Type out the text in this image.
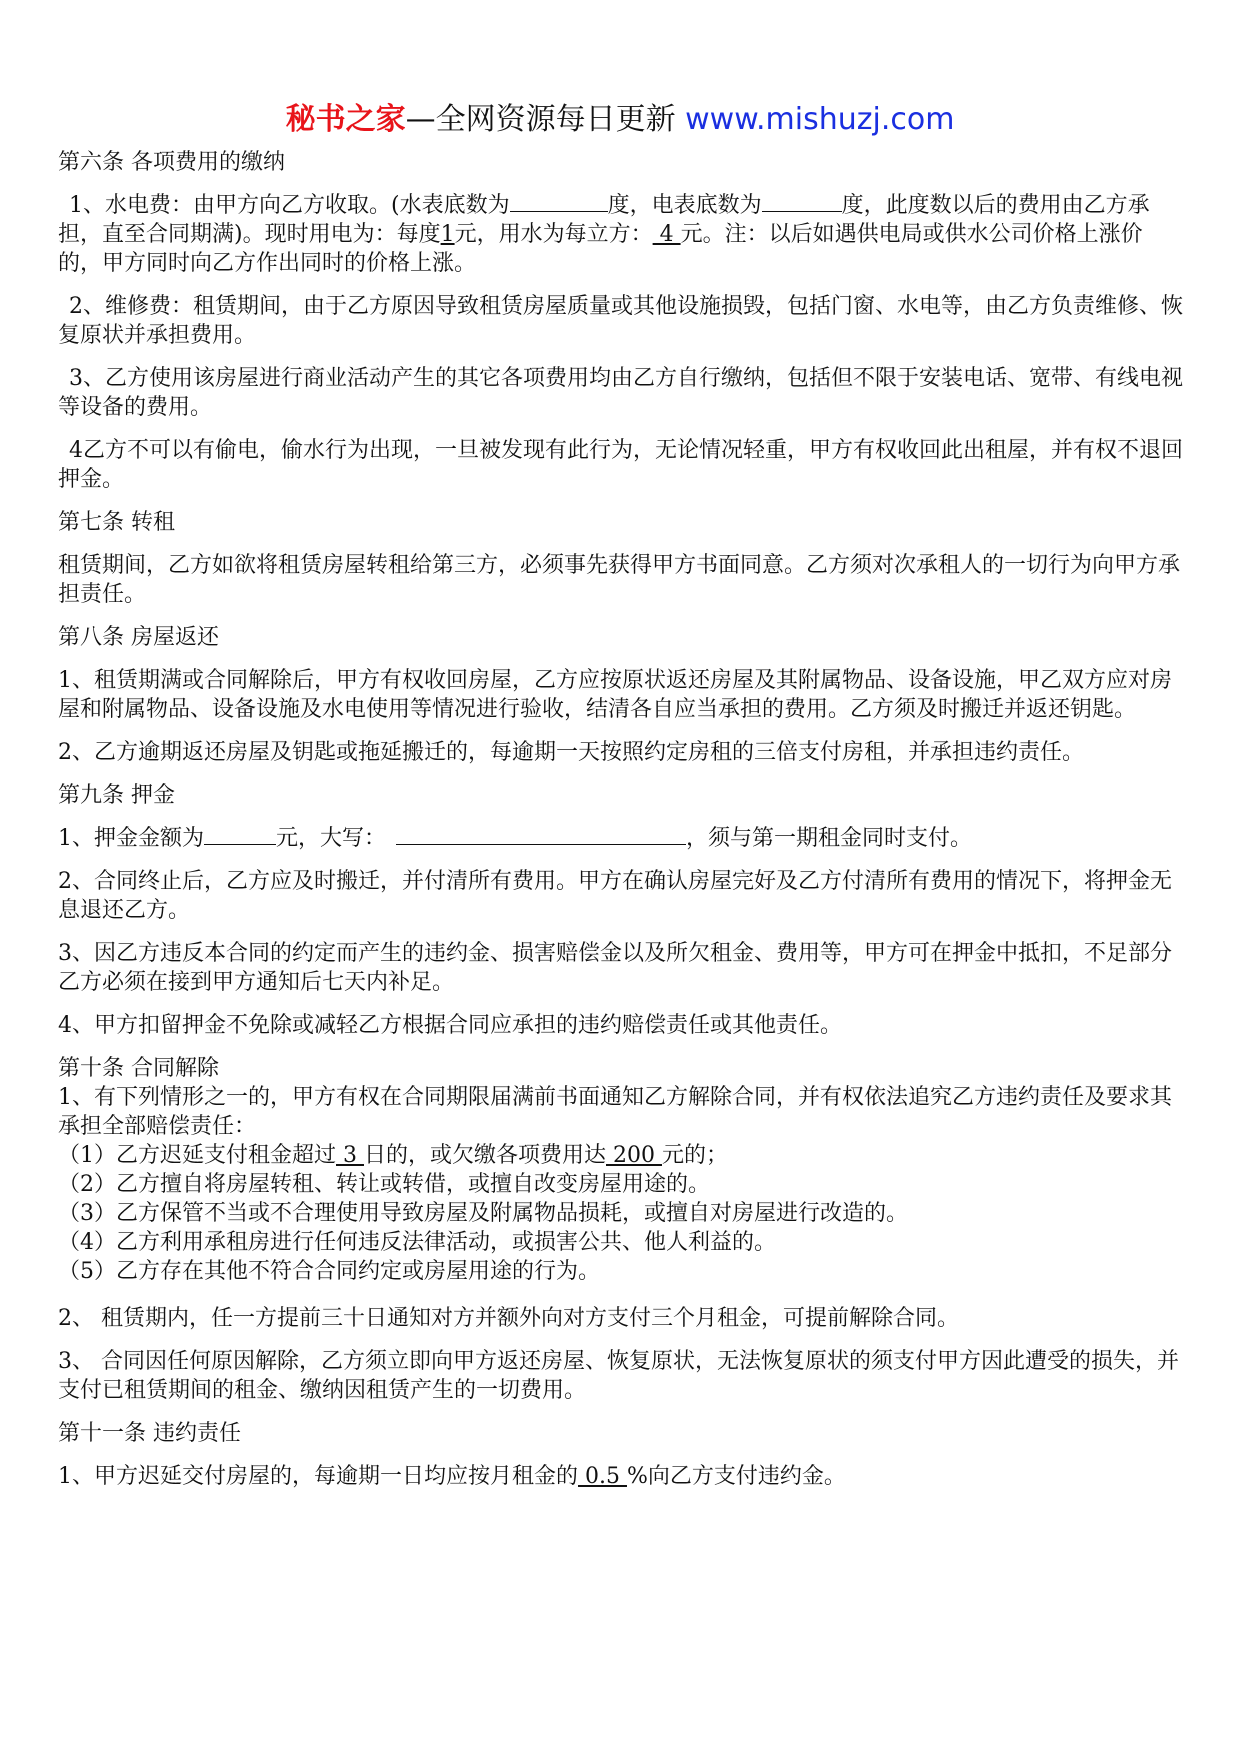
秘书之家—全网资源每日更新 www.mishuzj.com

第六条 各项费用的缴纳

1、水电费：由甲方向乙方收取。(水表底数为	度，电表底数为	度，此度数以后的费用由乙方承担，直至合同期满)。现时用电为：每度1元，用水为每立方： 4 元。注：以后如遇供电局或供水公司价格上涨价的，甲方同时向乙方作出同时的价格上涨。

2、维修费：租赁期间，由于乙方原因导致租赁房屋质量或其他设施损毁，包括门窗、水电等，由乙方负责维修、恢复原状并承担费用。

3、乙方使用该房屋进行商业活动产生的其它各项费用均由乙方自行缴纳，包括但不限于安装电话、宽带、有线电视等设备的费用。

4乙方不可以有偷电，偷水行为出现，一旦被发现有此行为，无论情况轻重，甲方有权收回此出租屋，并有权不退回押金。

第七条 转租

租赁期间，乙方如欲将租赁房屋转租给第三方，必须事先获得甲方书面同意。乙方须对次承租人的一切行为向甲方承担责任。

第八条 房屋返还

1、租赁期满或合同解除后，甲方有权收回房屋，乙方应按原状返还房屋及其附属物品、设备设施，甲乙双方应对房屋和附属物品、设备设施及水电使用等情况进行验收，结清各自应当承担的费用。乙方须及时搬迁并返还钥匙。

2、乙方逾期返还房屋及钥匙或拖延搬迁的，每逾期一天按照约定房租的三倍支付房租，并承担违约责任。

第九条 押金

1、押金金额为	元，大写：	，须与第一期租金同时支付。

2、合同终止后，乙方应及时搬迁，并付清所有费用。甲方在确认房屋完好及乙方付清所有费用的情况下，将押金无息退还乙方。

3、因乙方违反本合同的约定而产生的违约金、损害赔偿金以及所欠租金、费用等，甲方可在押金中抵扣，不足部分乙方必须在接到甲方通知后七天内补足。

4、甲方扣留押金不免除或减轻乙方根据合同应承担的违约赔偿责任或其他责任。

第十条 合同解除

1、有下列情形之一的，甲方有权在合同期限届满前书面通知乙方解除合同，并有权依法追究乙方违约责任及要求其承担全部赔偿责任：

（1）乙方迟延支付租金超过 3 日的，或欠缴各项费用达 200 元的；

（2）乙方擅自将房屋转租、转让或转借，或擅自改变房屋用途的。

（3）乙方保管不当或不合理使用导致房屋及附属物品损耗，或擅自对房屋进行改造的。

（4）乙方利用承租房进行任何违反法律活动，或损害公共、他人利益的。

（5）乙方存在其他不符合合同约定或房屋用途的行为。

2、 租赁期内，任一方提前三十日通知对方并额外向对方支付三个月租金，可提前解除合同。

3、 合同因任何原因解除，乙方须立即向甲方返还房屋、恢复原状，无法恢复原状的须支付甲方因此遭受的损失，并支付已租赁期间的租金、缴纳因租赁产生的一切费用。

第十一条 违约责任

1、甲方迟延交付房屋的，每逾期一日均应按月租金的 0.5 %向乙方支付违约金。
